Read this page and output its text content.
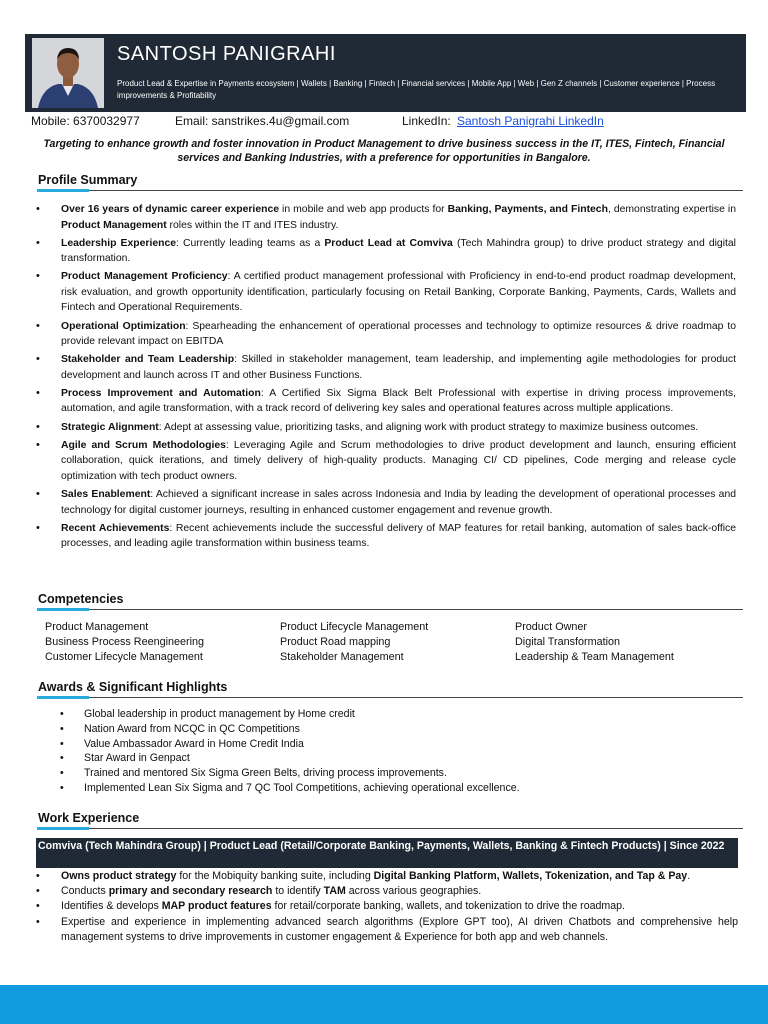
SANTOSH PANIGRAHI
Product Lead & Expertise in Payments ecosystem | Wallets | Banking | Fintech | Financial services | Mobile App | Web | Gen Z channels | Customer experience | Process improvements & Profitability
Mobile: 6370032977	Email: sanstrikes.4u@gmail.com	LinkedIn: Santosh Panigrahi LinkedIn
Targeting to enhance growth and foster innovation in Product Management to drive business success in the IT, ITES, Fintech, Financial services and Banking Industries, with a preference for opportunities in Bangalore.
Profile Summary
• Over 16 years of dynamic career experience in mobile and web app products for Banking, Payments, and Fintech, demonstrating expertise in Product Management roles within the IT and ITES industry.
• Leadership Experience: Currently leading teams as a Product Lead at Comviva (Tech Mahindra group) to drive product strategy and digital transformation.
• Product Management Proficiency: A certified product management professional with Proficiency in end-to-end product roadmap development, risk evaluation, and growth opportunity identification, particularly focusing on Retail Banking, Corporate Banking, Payments, Cards, Wallets and Fintech and Operational Requirements.
• Operational Optimization: Spearheading the enhancement of operational processes and technology to optimize resources & drive roadmap to provide relevant impact on EBITDA
• Stakeholder and Team Leadership: Skilled in stakeholder management, team leadership, and implementing agile methodologies for product development and launch across IT and other Business Functions.
• Process Improvement and Automation: A Certified Six Sigma Black Belt Professional with expertise in driving process improvements, automation, and agile transformation, with a track record of delivering key sales and operational features across multiple applications.
• Strategic Alignment: Adept at assessing value, prioritizing tasks, and aligning work with product strategy to maximize business outcomes.
• Agile and Scrum Methodologies: Leveraging Agile and Scrum methodologies to drive product development and launch, ensuring efficient collaboration, quick iterations, and timely delivery of high-quality products. Managing CI/ CD pipelines, Code merging and release cycle optimization with tech product owners.
• Sales Enablement: Achieved a significant increase in sales across Indonesia and India by leading the development of operational processes and technology for digital customer journeys, resulting in enhanced customer engagement and revenue growth.
• Recent Achievements: Recent achievements include the successful delivery of MAP features for retail banking, automation of sales back-office processes, and leading agile transformation within business teams.
Competencies
Product Management
Business Process Reengineering
Customer Lifecycle Management
Product Lifecycle Management
Product Road mapping
Stakeholder Management
Product Owner
Digital Transformation
Leadership & Team Management
Awards & Significant Highlights
• Global leadership in product management by Home credit
• Nation Award from NCQC in QC Competitions
• Value Ambassador Award in Home Credit India
• Star Award in Genpact
• Trained and mentored Six Sigma Green Belts, driving process improvements.
• Implemented Lean Six Sigma and 7 QC Tool Competitions, achieving operational excellence.
Work Experience
Comviva (Tech Mahindra Group) | Product Lead (Retail/Corporate Banking, Payments, Wallets, Banking & Fintech Products) | Since 2022
• Owns product strategy for the Mobiquity banking suite, including Digital Banking Platform, Wallets, Tokenization, and Tap & Pay.
• Conducts primary and secondary research to identify TAM across various geographies.
• Identifies & develops MAP product features for retail/corporate banking, wallets, and tokenization to drive the roadmap.
• Expertise and experience in implementing advanced search algorithms (Explore GPT too), AI driven Chatbots and comprehensive help management systems to drive improvements in customer engagement & Experience for both app and web channels.
